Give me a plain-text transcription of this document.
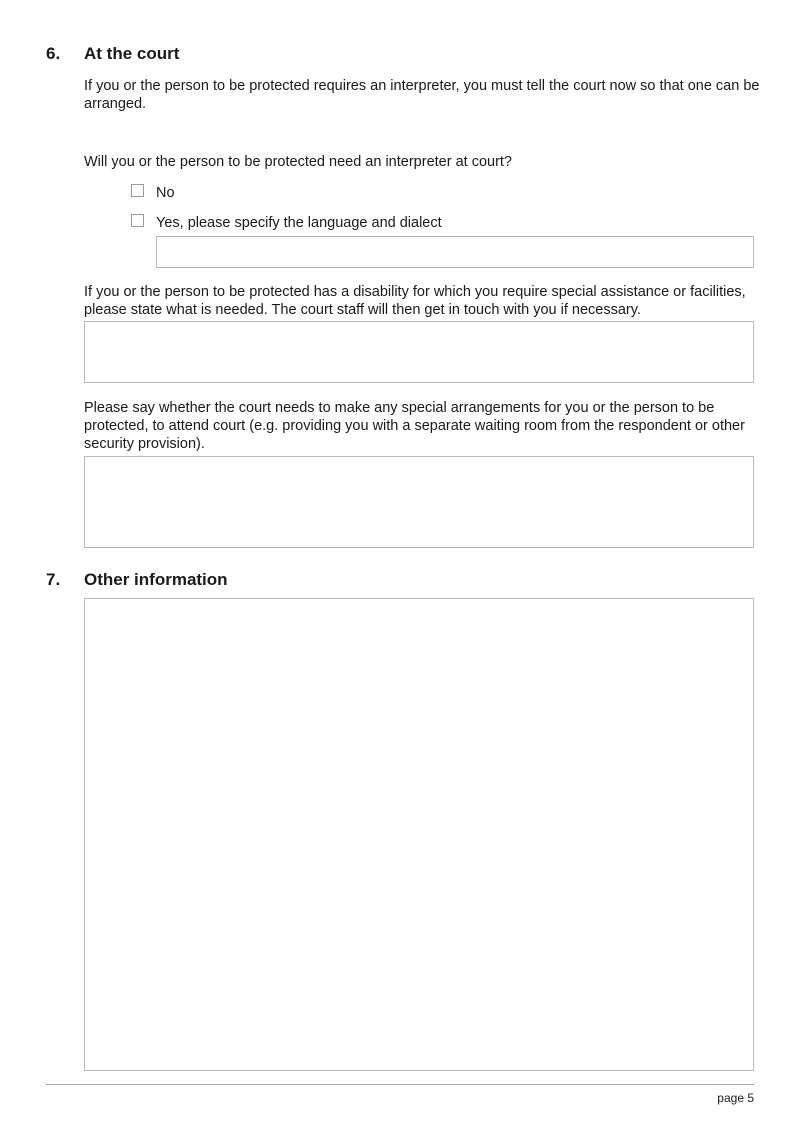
6. At the court
If you or the person to be protected requires an interpreter, you must tell the court now so that one can be arranged.
Will you or the person to be protected need an interpreter at court?
No
Yes, please specify the language and dialect
If you or the person to be protected has a disability for which you require special assistance or facilities, please state what is needed. The court staff will then get in touch with you if necessary.
Please say whether the court needs to make any special arrangements for you or the person to be protected, to attend court (e.g. providing you with a separate waiting room from the respondent or other security provision).
7. Other information
page 5
